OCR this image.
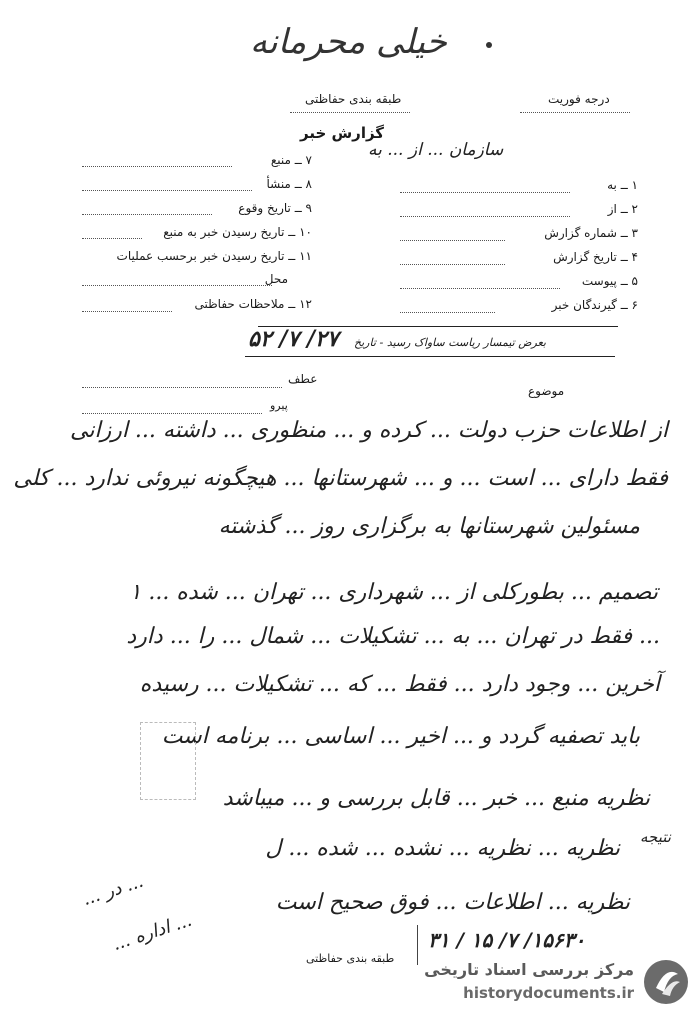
خیلی محرمانه
طبقه بندی حفاظتی	درجه فوریت
گزارش خبر
سازمان ... از ... به
۱ ــ به
۲ ــ از
۳ ــ شماره گزارش
۴ ــ تاریخ گزارش
۵ ــ پیوست
۶ ــ گیرندگان خبر
۷ ــ منبع
۸ ــ منشأ
۹ ــ تاریخ وقوع
۱۰ ــ تاریخ رسیدن خبر به منبع
۱۱ ــ تاریخ رسیدن خبر برحسب عملیات
محل
۱۲ ــ ملاحظات حفاظتی
بعرض تیمسار ریاست ساواک رسید - تاریخ
۲۷/ ۷/ ۵۲
عطف
موضوع
پیرو
از اطلاعات حزب دولت ... کرده و ... منظوری ... داشته ... ارزانی
فقط دارای ... است ... و ... شهرستانها ... هیچگونه نیروئی ندارد ... کلی
مسئولین شهرستانها به برگزاری روز ... گذشته
تصمیم ... بطورکلی از ... شهرداری ... تهران ... شده ... ۱
... فقط در تهران ... به ... تشکیلات ... شمال ... را ... دارد
آخرین ... وجود دارد ... فقط ... که ... تشکیلات ... رسیده
باید تصفیه گردد و ... اخیر ... اساسی ... برنامه است
نظریه منبع ... خبر ... قابل بررسی و ... میباشد
نظریه ... نظریه ... نشده ... شده ... ل
نظریه ... اطلاعات ... فوق صحیح است
... در ...
... اداره ...
نتیجه
۱۵۶۳۰/ ۷/ ۱۵ / ۳۱
طبقه بندی حفاظتی
مرکز بررسی اسناد تاریخی
historydocuments.ir
